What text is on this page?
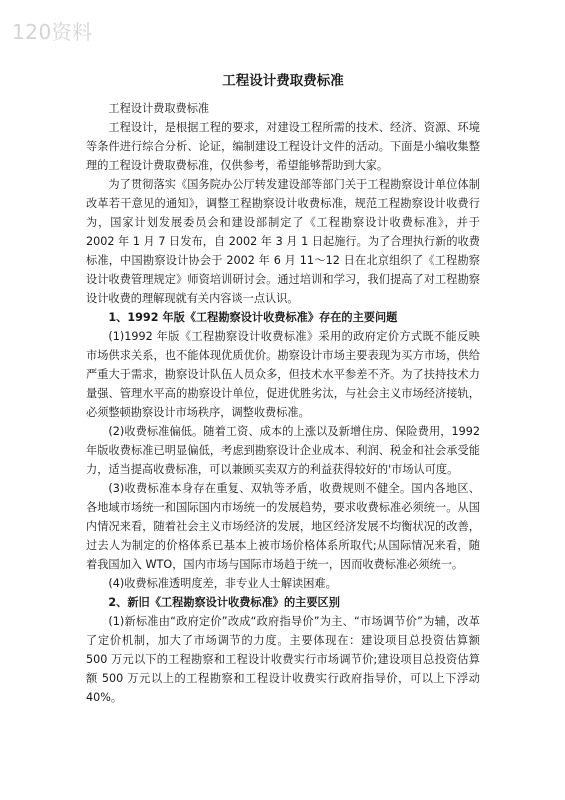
120资料
工程设计费取费标准

工程设计费取费标准

工程设计，是根据工程的要求，对建设工程所需的技术、经济、资源、环境等条件进行综合分析、论证，编制建设工程设计文件的活动。下面是小编收集整理的工程设计费取费标准，仅供参考，希望能够帮助到大家。

为了贯彻落实《国务院办公厅转发建设部等部门关于工程勘察设计单位体制改革若干意见的通知》，调整工程勘察设计收费标准，规范工程勘察设计收费行为，国家计划发展委员会和建设部制定了《工程勘察设计收费标准》，并于 2002 年 1 月 7 日发布，自 2002 年 3 月 1 日起施行。为了合理执行新的收费标准，中国勘察设计协会于 2002 年 6 月 11～12 日在北京组织了《工程勘察设计收费管理规定》师资培训研讨会。通过培训和学习，我们提高了对工程勘察设计收费的理解现就有关内容谈一点认识。

1、1992 年版《工程勘察设计收费标准》存在的主要问题

(1)1992 年版《工程勘察设计收费标准》采用的政府定价方式既不能反映市场供求关系，也不能体现优质优价。勘察设计市场主要表现为买方市场，供给严重大于需求，勘察设计队伍人员众多，但技术水平参差不齐。为了扶持技术力量强、管理水平高的勘察设计单位，促进优胜劣汰，与社会主义市场经济接轨，必须整顿勘察设计市场秩序，调整收费标准。

(2)收费标准偏低。随着工资、成本的上涨以及新增住房、保险费用，1992 年版收费标准已明显偏低，考虑到勘察设计企业成本、利润、税金和社会承受能力，适当提高收费标准，可以兼顾买卖双方的利益获得较好的'市场认可度。

(3)收费标准本身存在重复、双轨等矛盾，收费规则不健全。国内各地区、各地域市场统一和国际国内市场统一的发展趋势，要求收费标准必须统一。从国内情况来看，随着社会主义市场经济的发展，地区经济发展不均衡状况的改善，过去人为制定的价格体系已基本上被市场价格体系所取代;从国际情况来看，随着我国加入 WTO，国内市场与国际市场趋于统一，因而收费标准必须统一。

(4)收费标准透明度差，非专业人士解读困难。

2、新旧《工程勘察设计收费标准》的主要区别

(1)新标准由“政府定价”改成“政府指导价”为主、“市场调节价”为辅，改革了定价机制，加大了市场调节的力度。主要体现在：建设项目总投资估算额 500 万元以下的工程勘察和工程设计收费实行市场调节价;建设项目总投资估算额 500 万元以上的工程勘察和工程设计收费实行政府指导价，可以上下浮动 40%。
